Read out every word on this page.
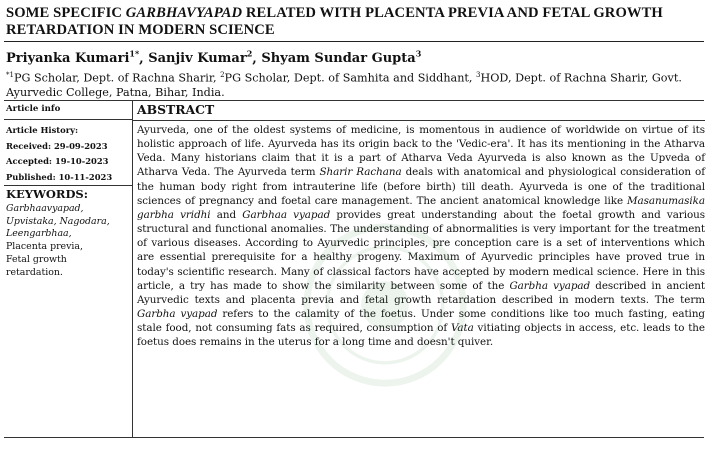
SOME SPECIFIC GARBHAVYAPAD RELATED WITH PLACENTA PREVIA AND FETAL GROWTH RETARDATION IN MODERN SCIENCE
Priyanka Kumari$^{1*}$, Sanjiv Kumar$^2$, Shyam Sundar Gupta$^3$
$^{*1}$PG Scholar, Dept. of Rachna Sharir, $^2$PG Scholar, Dept. of Samhita and Siddhant, $^3$HOD, Dept. of Rachna Sharir, Govt. Ayurvedic College, Patna, Bihar, India.
Article info
Article History:
Received: 29-09-2023
Accepted: 19-10-2023
Published: 10-11-2023
KEYWORDS:
Garbhaavyapad,
Upvistaka, Nagodara,
Leengarbhaa,
Placenta previa,
Fetal growth
retardation.
ABSTRACT
Ayurveda, one of the oldest systems of medicine, is momentous in audience of worldwide on virtue of its holistic approach of life. Ayurveda has its origin back to the 'Vedic-era'. It has its mentioning in the Atharva Veda. Many historians claim that it is a part of Atharva Veda Ayurveda is also known as the Upveda of Atharva Veda. The Ayurveda term Sharir Rachana deals with anatomical and physiological consideration of the human body right from intrauterine life (before birth) till death. Ayurveda is one of the traditional sciences of pregnancy and foetal care management. The ancient anatomical knowledge like Masanumasika garbha vridhi and Garbhaa vyapad provides great understanding about the foetal growth and various structural and functional anomalies. The understanding of abnormalities is very important for the treatment of various diseases. According to Ayurvedic principles, pre conception care is a set of interventions which are essential prerequisite for a healthy progeny. Maximum of Ayurvedic principles have proved true in today's scientific research. Many of classical factors have accepted by modern medical science. Here in this article, a try has made to show the similarity between some of the Garbha vyapad described in ancient Ayurvedic texts and placenta previa and fetal growth retardation described in modern texts. The term Garbha vyapad refers to the calamity of the foetus. Under some conditions like too much fasting, eating stale food, not consuming fats as required, consumption of Vata vitiating objects in access, etc. leads to the foetus does remains in the uterus for a long time and doesn't quiver.
